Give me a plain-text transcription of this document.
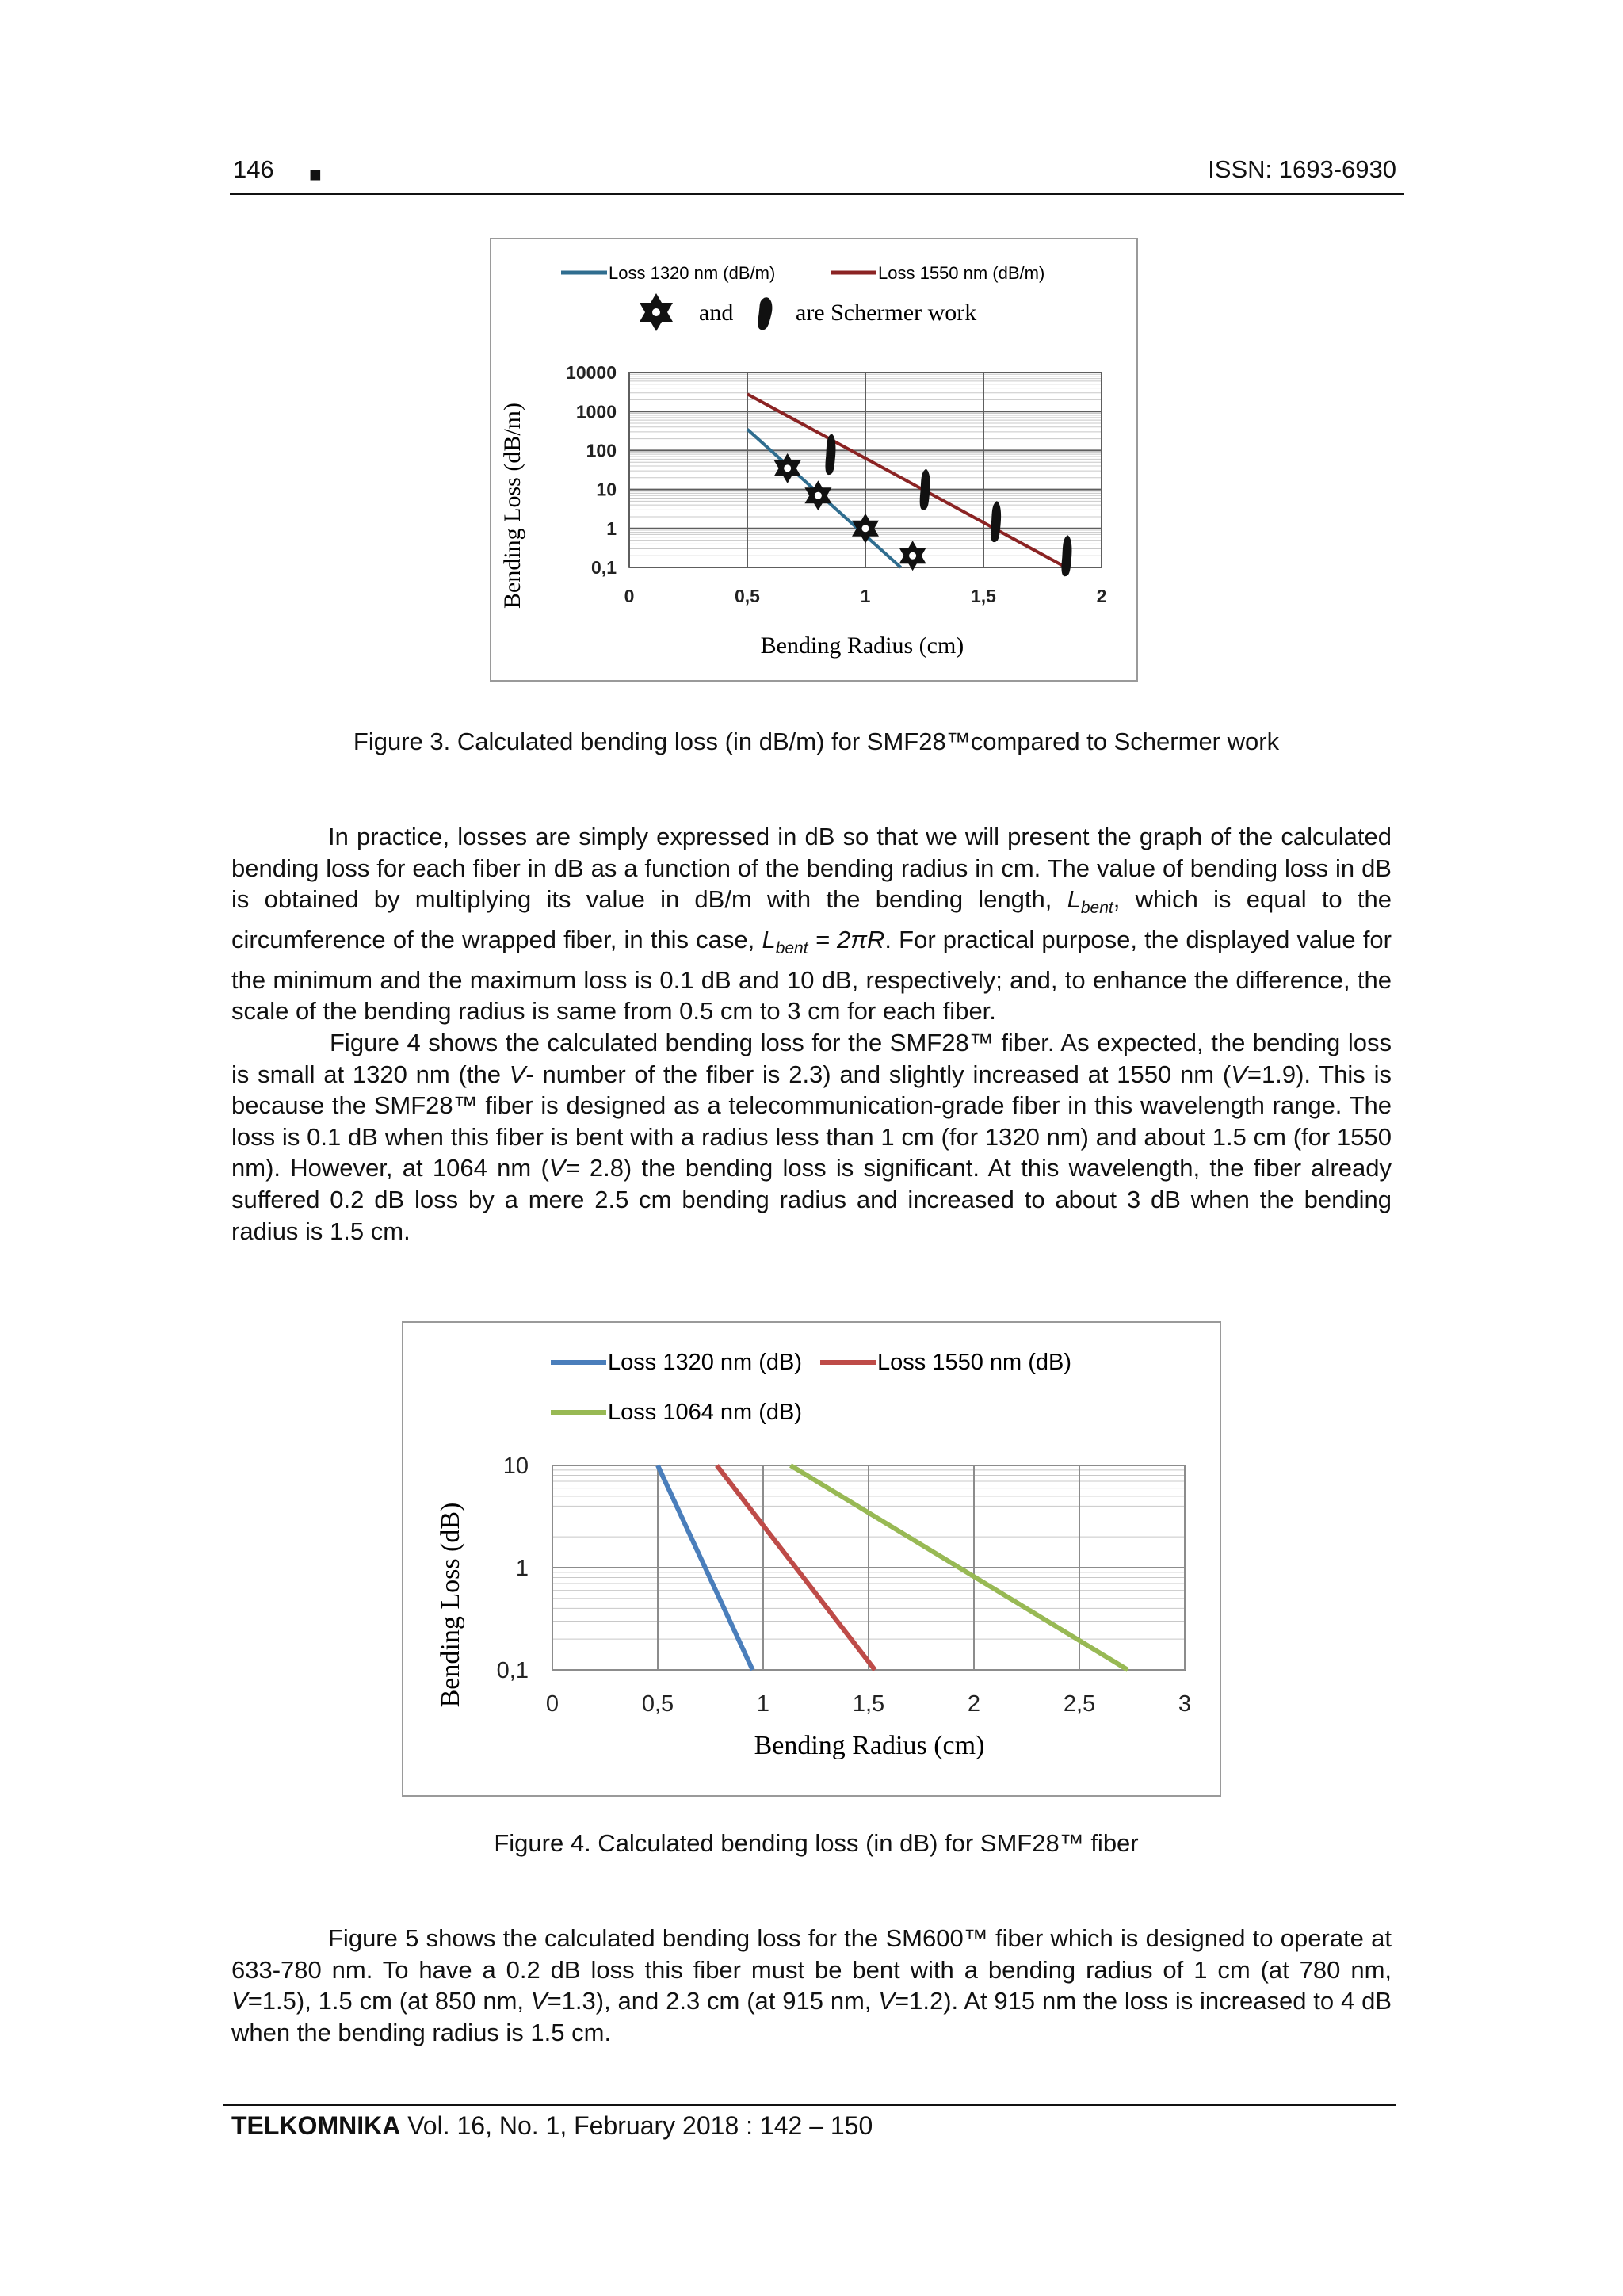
146 ■	ISSN: 1693-6930
Loss 1320 nm (dB/m)	Loss 1550 nm (dB/m)
and	are Schermer work
0,1
1
10
100
1000
10000
0	0,5	1	1,5	2
Bending Loss (dB/m)
Bending Radius (cm)
Figure 3. Calculated bending loss (in dB/m) for SMF28™compared to Schermer work

In practice, losses are simply expressed in dB so that we will present the graph of the calculated bending loss for each fiber in dB as a function of the bending radius in cm. The value of bending loss in dB is obtained by multiplying its value in dB/m with the bending length, $L_{bent}$, which is equal to the circumference of the wrapped fiber, in this case, $L_{bent} = 2\pi R$. For practical purpose, the displayed value for the minimum and the maximum loss is 0.1 dB and 10 dB, respectively; and, to enhance the difference, the scale of the bending radius is same from 0.5 cm to 3 cm for each fiber.

Figure 4 shows the calculated bending loss for the SMF28™ fiber. As expected, the bending loss is small at 1320 nm (the V- number of the fiber is 2.3) and slightly increased at 1550 nm (V=1.9). This is because the SMF28™ fiber is designed as a telecommunication-grade fiber in this wavelength range. The loss is 0.1 dB when this fiber is bent with a radius less than 1 cm (for 1320 nm) and about 1.5 cm (for 1550 nm). However, at 1064 nm (V= 2.8) the bending loss is significant. At this wavelength, the fiber already suffered 0.2 dB loss by a mere 2.5 cm bending radius and increased to about 3 dB when the bending radius is 1.5 cm.

Loss 1320 nm (dB)	Loss 1550 nm (dB)
Loss 1064 nm (dB)
0,1
1
10
0	0,5	1	1,5	2	2,5	3
Bending Loss (dB)
Bending Radius (cm)
Figure 4. Calculated bending loss (in dB) for SMF28™ fiber

Figure 5 shows the calculated bending loss for the SM600™ fiber which is designed to operate at 633-780 nm. To have a 0.2 dB loss this fiber must be bent with a bending radius of 1 cm (at 780 nm, V=1.5), 1.5 cm (at 850 nm, V=1.3), and 2.3 cm (at 915 nm, V=1.2). At 915 nm the loss is increased to 4 dB when the bending radius is 1.5 cm.

TELKOMNIKA Vol. 16, No. 1, February 2018 : 142 – 150
